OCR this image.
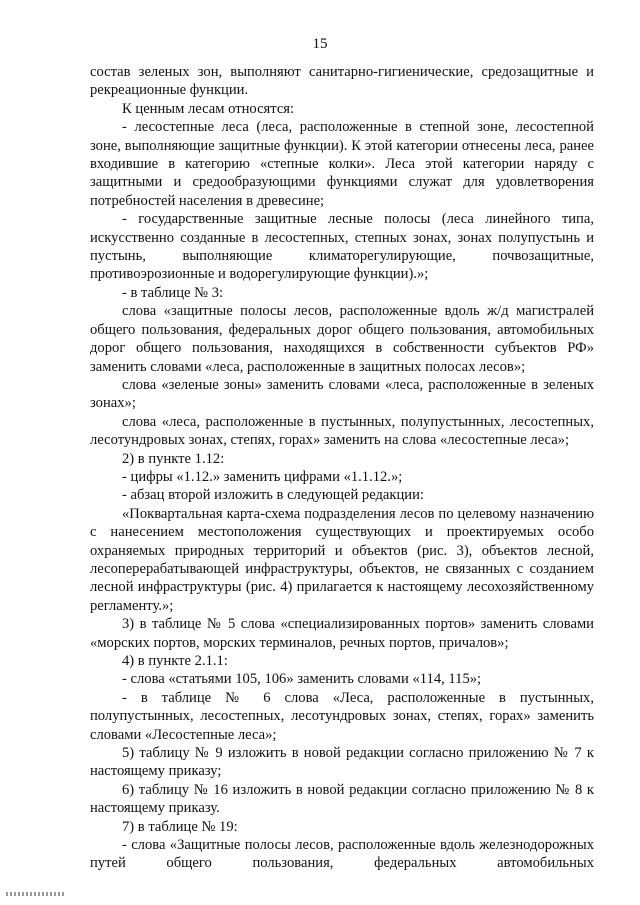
15

состав зеленых зон, выполняют санитарно-гигиенические, средозащитные и рекреационные функции.

К ценным лесам относятся:

- лесостепные леса (леса, расположенные в степной зоне, лесостепной зоне, выполняющие защитные функции). К этой категории отнесены леса, ранее входившие в категорию «степные колки». Леса этой категории наряду с защитными и средообразующими функциями служат для удовлетворения потребностей населения в древесине;

- государственные защитные лесные полосы (леса линейного типа, искусственно созданные в лесостепных, степных зонах, зонах полупустынь и пустынь, выполняющие климаторегулирующие, почвозащитные, противоэрозионные и водорегулирующие функции).»;

- в таблице № 3:

слова «защитные полосы лесов, расположенные вдоль ж/д магистралей общего пользования, федеральных дорог общего пользования, автомобильных дорог общего пользования, находящихся в собственности субъектов РФ» заменить словами «леса, расположенные в защитных полосах лесов»;

слова «зеленые зоны» заменить словами «леса, расположенные в зеленых зонах»;

слова «леса, расположенные в пустынных, полупустынных, лесостепных, лесотундровых зонах, степях, горах» заменить на слова «лесостепные леса»;

2) в пункте 1.12:

- цифры «1.12.» заменить цифрами «1.1.12.»;

- абзац второй изложить в следующей редакции:

«Поквартальная карта-схема подразделения лесов по целевому назначению с нанесением местоположения существующих и проектируемых особо охраняемых природных территорий и объектов (рис. 3), объектов лесной, лесоперерабатывающей инфраструктуры, объектов, не связанных с созданием лесной инфраструктуры (рис. 4) прилагается к настоящему лесохозяйственному регламенту.»;

3) в таблице № 5 слова «специализированных портов» заменить словами «морских портов, морских терминалов, речных портов, причалов»;

4) в пункте 2.1.1:

- слова «статьями 105, 106» заменить словами «114, 115»;

- в таблице № 6 слова «Леса, расположенные в пустынных, полупустынных, лесостепных, лесотундровых зонах, степях, горах» заменить словами «Лесостепные леса»;

5) таблицу № 9 изложить в новой редакции согласно приложению № 7 к настоящему приказу;

6) таблицу № 16 изложить в новой редакции согласно приложению № 8 к настоящему приказу.

7) в таблице № 19:

- слова «Защитные полосы лесов, расположенные вдоль железнодорожных путей общего пользования, федеральных автомобильных
